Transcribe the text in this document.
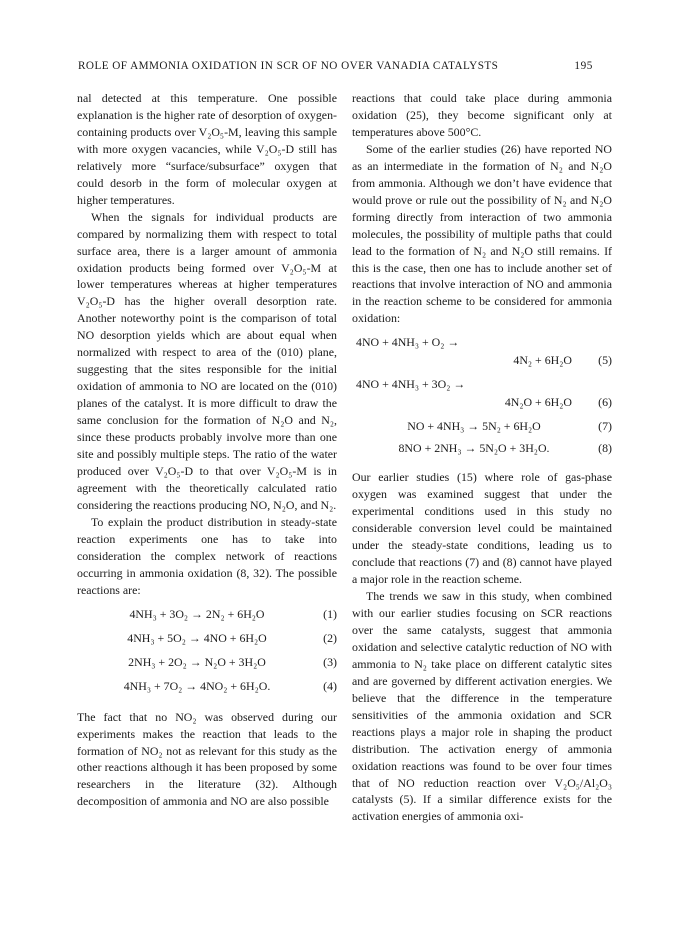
ROLE OF AMMONIA OXIDATION IN SCR OF NO OVER VANADIA CATALYSTS	195

nal detected at this temperature. One possible explanation is the higher rate of desorption of oxygen-containing products over V₂O₅-M, leaving this sample with more oxygen vacancies, while V₂O₅-D still has relatively more “surface/subsurface” oxygen that could desorb in the form of molecular oxygen at higher temperatures.

When the signals for individual products are compared by normalizing them with respect to total surface area, there is a larger amount of ammonia oxidation products being formed over V₂O₅-M at lower temperatures whereas at higher temperatures V₂O₅-D has the higher overall desorption rate. Another noteworthy point is the comparison of total NO desorption yields which are about equal when normalized with respect to area of the (010) plane, suggesting that the sites responsible for the initial oxidation of ammonia to NO are located on the (010) planes of the catalyst. It is more difficult to draw the same conclusion for the formation of N₂O and N₂, since these products probably involve more than one site and possibly multiple steps. The ratio of the water produced over V₂O₅-D to that over V₂O₅-M is in agreement with the theoretically calculated ratio considering the reactions producing NO, N₂O, and N₂.

To explain the product distribution in steady-state reaction experiments one has to take into consideration the complex network of reactions occurring in ammonia oxidation (8, 32). The possible reactions are:

4NH₃ + 3O₂ → 2N₂ + 6H₂O	(1)
4NH₃ + 5O₂ → 4NO + 6H₂O	(2)
2NH₃ + 2O₂ → N₂O + 3H₂O	(3)
4NH₃ + 7O₂ → 4NO₂ + 6H₂O.	(4)

The fact that no NO₂ was observed during our experiments makes the reaction that leads to the formation of NO₂ not as relevant for this study as the other reactions although it has been proposed by some researchers in the literature (32). Although decomposition of ammonia and NO are also possible

reactions that could take place during ammonia oxidation (25), they become significant only at temperatures above 500°C.

Some of the earlier studies (26) have reported NO as an intermediate in the formation of N₂ and N₂O from ammonia. Although we don’t have evidence that would prove or rule out the possibility of N₂ and N₂O forming directly from interaction of two ammonia molecules, the possibility of multiple paths that could lead to the formation of N₂ and N₂O still remains. If this is the case, then one has to include another set of reactions that involve interaction of NO and ammonia in the reaction scheme to be considered for ammonia oxidation:

4NO + 4NH₃ + O₂ →
4N₂ + 6H₂O	(5)
4NO + 4NH₃ + 3O₂ →
4N₂O + 6H₂O	(6)
NO + 4NH₃ → 5N₂ + 6H₂O	(7)
8NO + 2NH₃ → 5N₂O + 3H₂O.	(8)

Our earlier studies (15) where role of gas-phase oxygen was examined suggest that under the experimental conditions used in this study no considerable conversion level could be maintained under the steady-state conditions, leading us to conclude that reactions (7) and (8) cannot have played a major role in the reaction scheme.

The trends we saw in this study, when combined with our earlier studies focusing on SCR reactions over the same catalysts, suggest that ammonia oxidation and selective catalytic reduction of NO with ammonia to N₂ take place on different catalytic sites and are governed by different activation energies. We believe that the difference in the temperature sensitivities of the ammonia oxidation and SCR reactions plays a major role in shaping the product distribution. The activation energy of ammonia oxidation reactions was found to be over four times that of NO reduction reaction over V₂O₅/Al₂O₃ catalysts (5). If a similar difference exists for the activation energies of ammonia oxi-
